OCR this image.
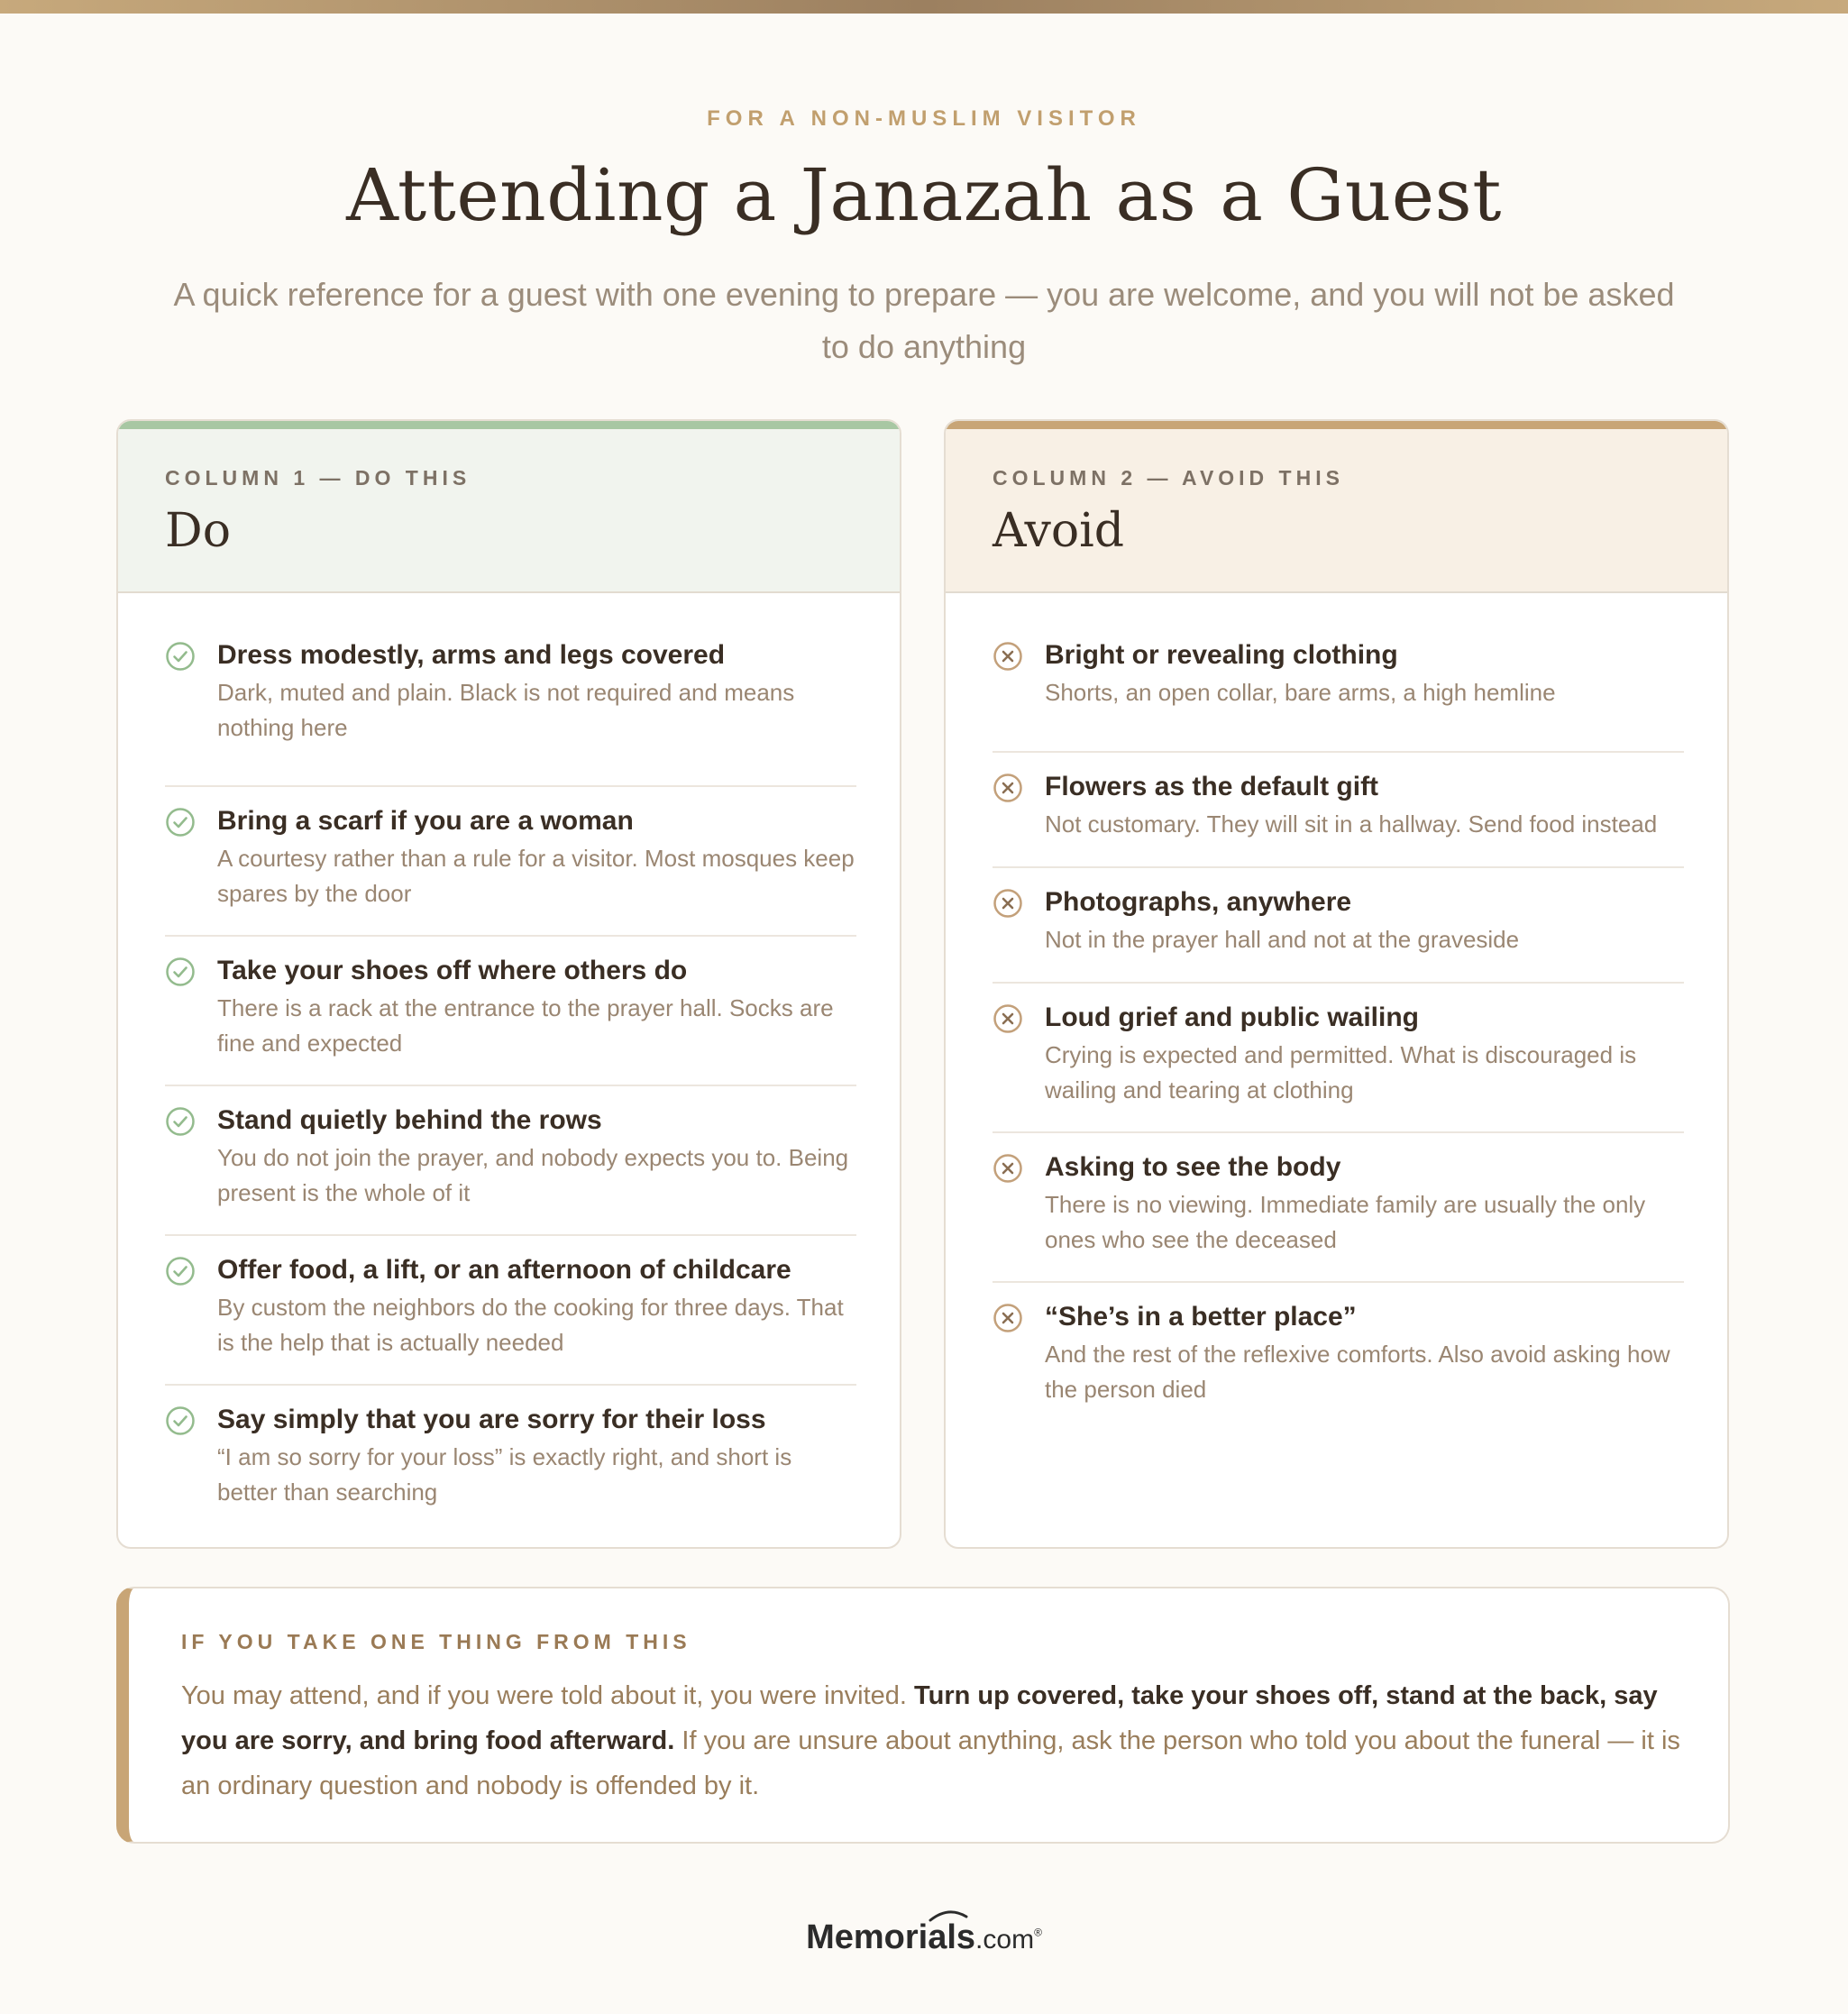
FOR A NON-MUSLIM VISITOR
Attending a Janazah as a Guest
A quick reference for a guest with one evening to prepare — you are welcome, and you will not be asked to do anything
COLUMN 1 — DO THIS
Do
Dress modestly, arms and legs covered
Dark, muted and plain. Black is not required and means nothing here
Bring a scarf if you are a woman
A courtesy rather than a rule for a visitor. Most mosques keep spares by the door
Take your shoes off where others do
There is a rack at the entrance to the prayer hall. Socks are fine and expected
Stand quietly behind the rows
You do not join the prayer, and nobody expects you to. Being present is the whole of it
Offer food, a lift, or an afternoon of childcare
By custom the neighbors do the cooking for three days. That is the help that is actually needed
Say simply that you are sorry for their loss
“I am so sorry for your loss” is exactly right, and short is better than searching
COLUMN 2 — AVOID THIS
Avoid
Bright or revealing clothing
Shorts, an open collar, bare arms, a high hemline
Flowers as the default gift
Not customary. They will sit in a hallway. Send food instead
Photographs, anywhere
Not in the prayer hall and not at the graveside
Loud grief and public wailing
Crying is expected and permitted. What is discouraged is wailing and tearing at clothing
Asking to see the body
There is no viewing. Immediate family are usually the only ones who see the deceased
“She’s in a better place”
And the rest of the reflexive comforts. Also avoid asking how the person died
IF YOU TAKE ONE THING FROM THIS
You may attend, and if you were told about it, you were invited. Turn up covered, take your shoes off, stand at the back, say you are sorry, and bring food afterward. If you are unsure about anything, ask the person who told you about the funeral — it is an ordinary question and nobody is offended by it.
Memorials.com®
